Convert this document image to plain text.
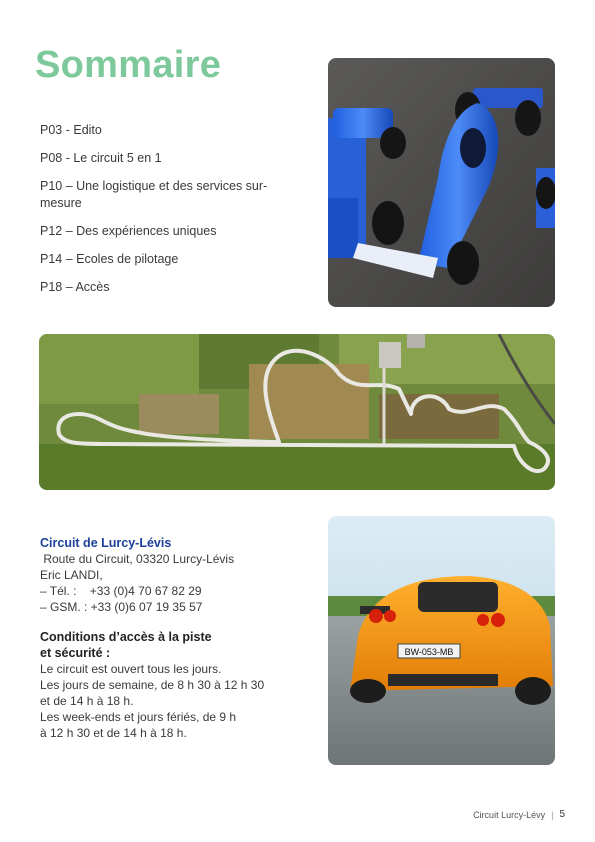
Sommaire
P03 - Edito
P08 - Le circuit 5 en 1
P10 – Une logistique et des services sur-mesure
P12 – Des expériences uniques
P14 – Ecoles de pilotage
P18 – Accès
BW-053-MB
Circuit de Lurcy-Lévis
Route du Circuit, 03320 Lurcy-Lévis
Eric LANDI,
– Tél. :    +33 (0)4 70 67 82 29
– GSM. : +33 (0)6 07 19 35 57
Conditions d’accès à la piste
et sécurité :
Le circuit est ouvert tous les jours.
Les jours de semaine, de 8 h 30 à 12 h 30
et de 14 h à 18 h.
Les week-ends et jours fériés, de 9 h
à 12 h 30 et de 14 h à 18 h.
Circuit Lurcy-Lévy | 5
